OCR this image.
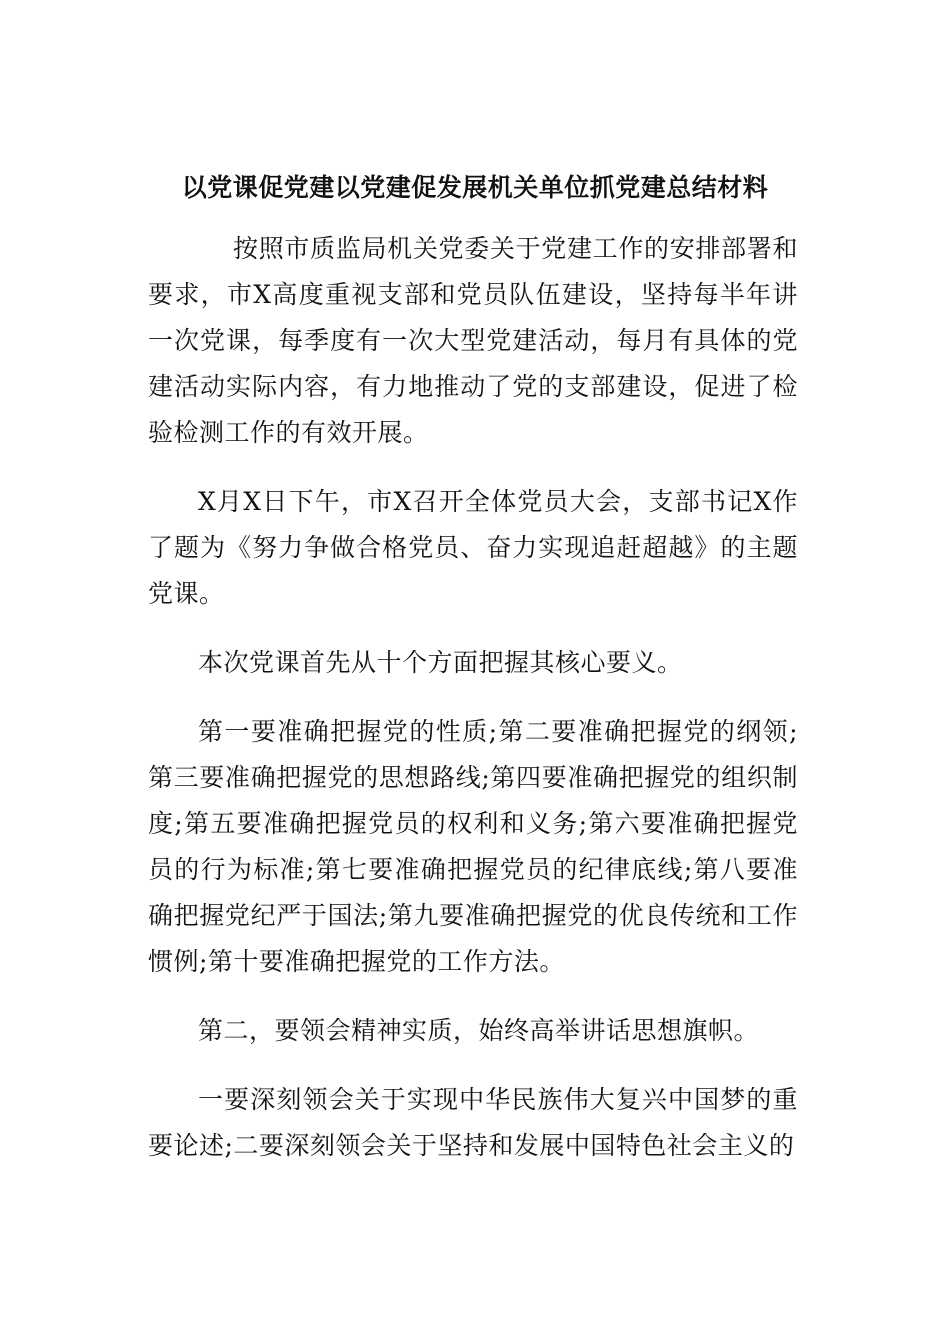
以党课促党建以党建促发展机关单位抓党建总结材料

按照市质监局机关党委关于党建工作的安排部署和要求，市X高度重视支部和党员队伍建设，坚持每半年讲一次党课，每季度有一次大型党建活动，每月有具体的党建活动实际内容，有力地推动了党的支部建设，促进了检验检测工作的有效开展。

X月X日下午，市X召开全体党员大会，支部书记X作了题为《努力争做合格党员、奋力实现追赶超越》的主题党课。

本次党课首先从十个方面把握其核心要义。

第一要准确把握党的性质;第二要准确把握党的纲领;第三要准确把握党的思想路线;第四要准确把握党的组织制度;第五要准确把握党员的权利和义务;第六要准确把握党员的行为标准;第七要准确把握党员的纪律底线;第八要准确把握党纪严于国法;第九要准确把握党的优良传统和工作惯例;第十要准确把握党的工作方法。

第二，要领会精神实质，始终高举讲话思想旗帜。

一要深刻领会关于实现中华民族伟大复兴中国梦的重要论述;二要深刻领会关于坚持和发展中国特色社会主义的
